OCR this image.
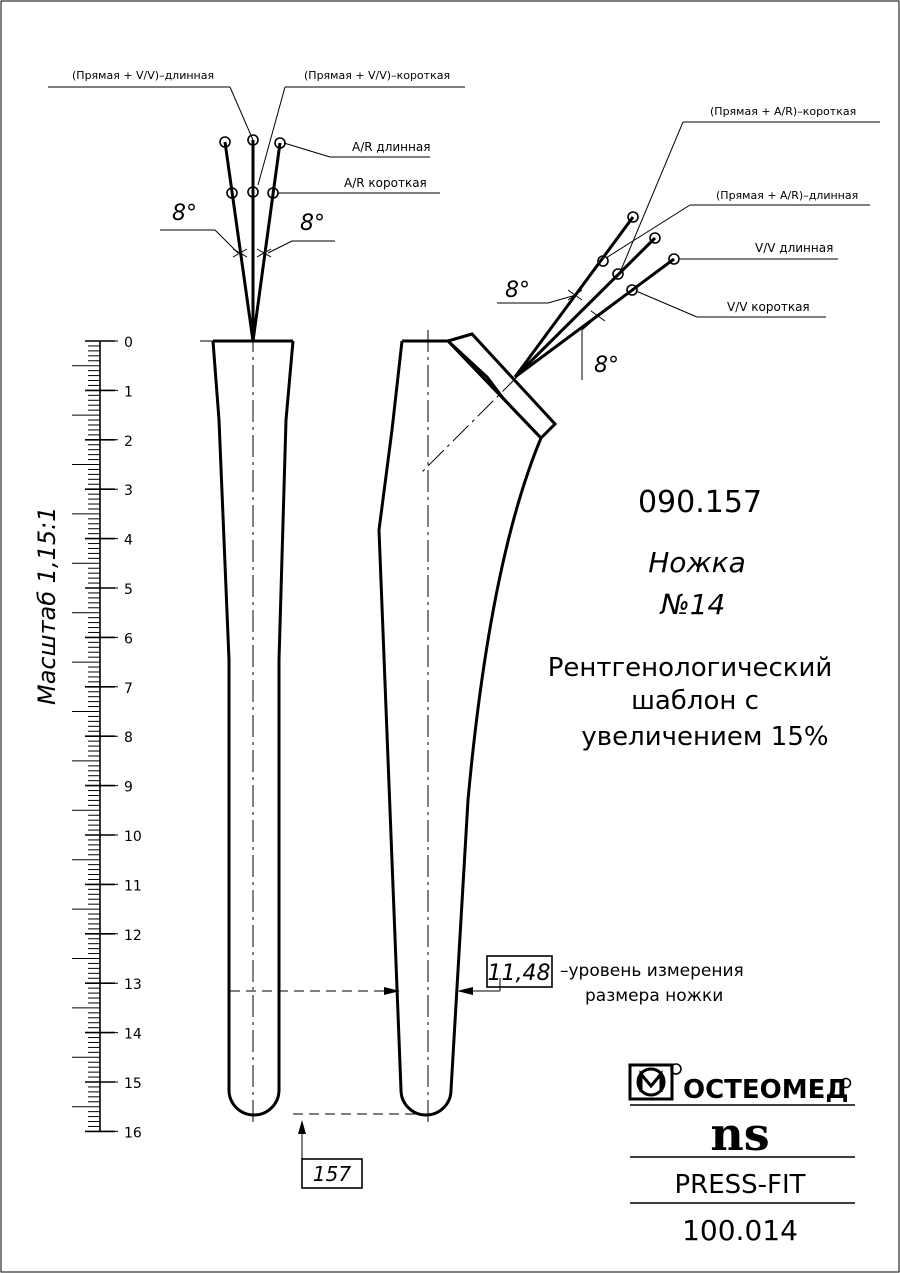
0
1
2
3
4
5
6
7
8
9
10
11
12
13
14
15
16
Масштаб 1,15:1
(Прямая + V/V)–длинная	(Прямая + V/V)–короткая
A/R длинная
A/R короткая
8°	8°
(Прямая + A/R)–короткая
(Прямая + A/R)–длинная
V/V длинная
V/V короткая
8°
8°
11,48 –уровень измерения
размера ножки
157
090.157
Ножка
№14
Рентгенологический
шаблон с
увеличением 15%
ОСТЕОМЕД
ns
PRESS-FIT
100.014
